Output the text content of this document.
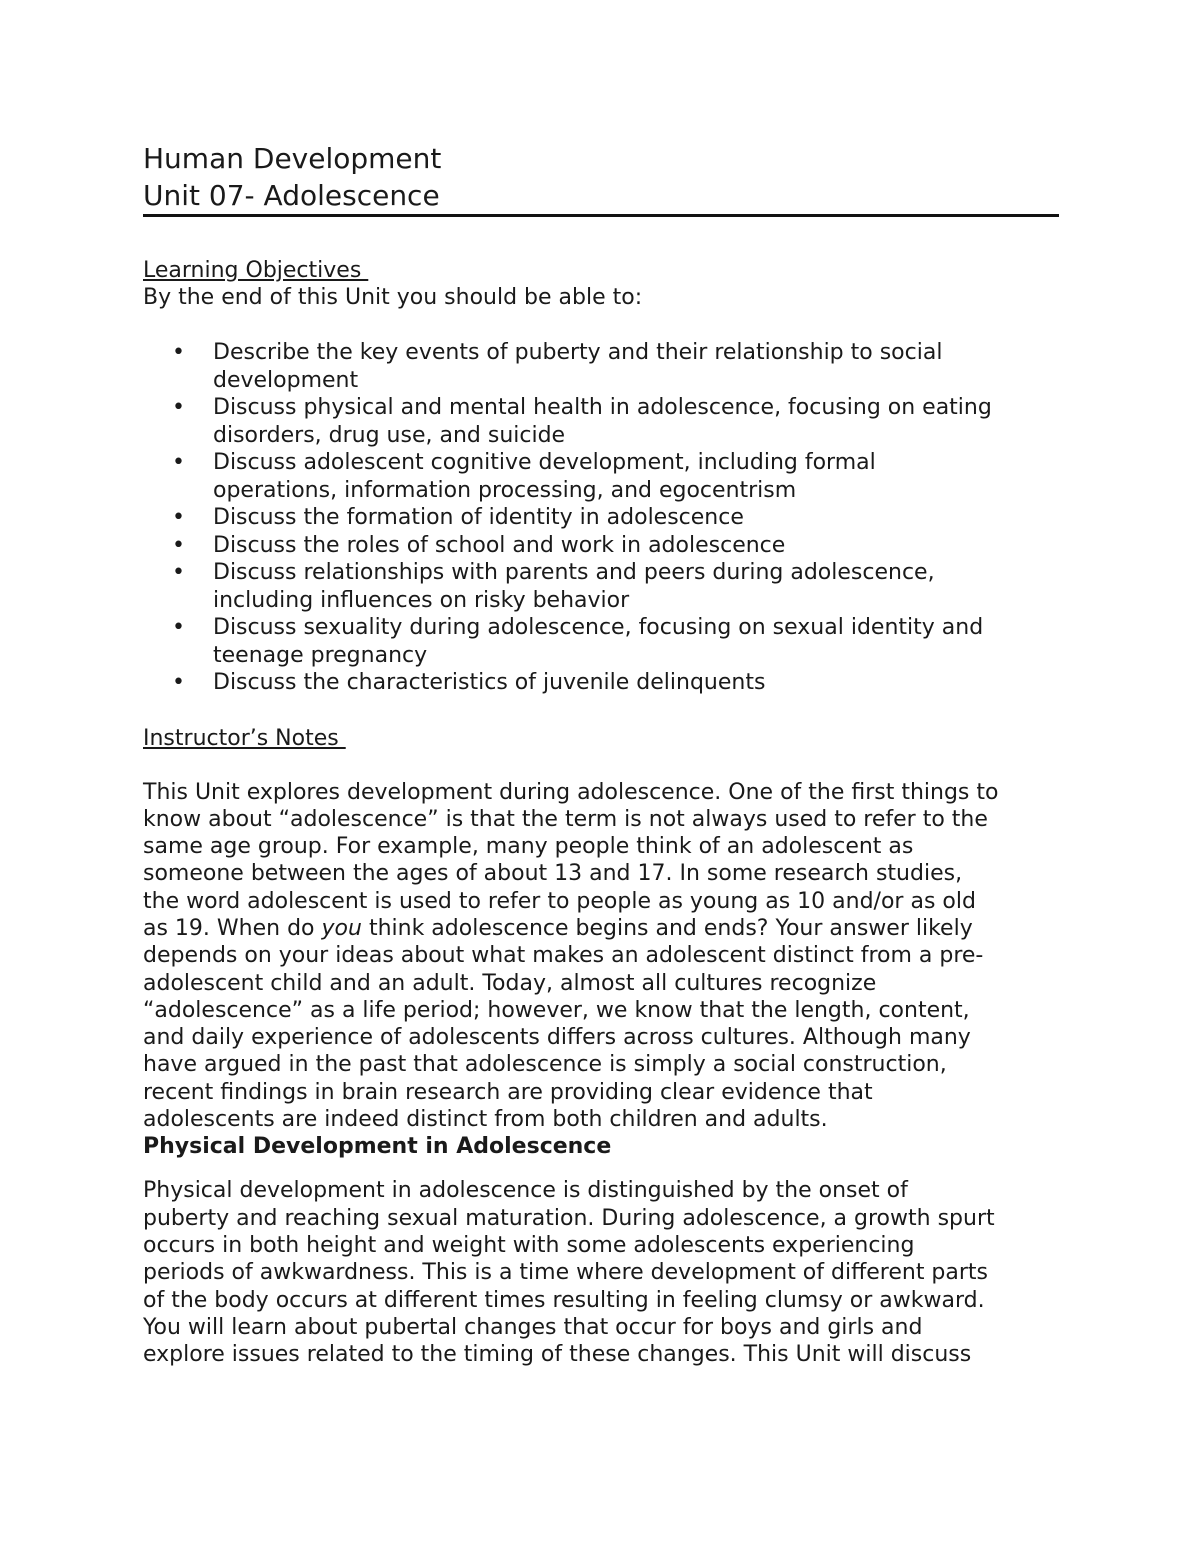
Human Development

Unit 07- Adolescence

Learning Objectives

By the end of this Unit you should be able to:

• Describe the key events of puberty and their relationship to social
development
• Discuss physical and mental health in adolescence, focusing on eating
disorders, drug use, and suicide
• Discuss adolescent cognitive development, including formal
operations, information processing, and egocentrism
• Discuss the formation of identity in adolescence
• Discuss the roles of school and work in adolescence
• Discuss relationships with parents and peers during adolescence,
including influences on risky behavior
• Discuss sexuality during adolescence, focusing on sexual identity and
teenage pregnancy
• Discuss the characteristics of juvenile delinquents

Instructor’s Notes

This Unit explores development during adolescence. One of the first things to
know about “adolescence” is that the term is not always used to refer to the
same age group. For example, many people think of an adolescent as
someone between the ages of about 13 and 17. In some research studies,
the word adolescent is used to refer to people as young as 10 and/or as old
as 19. When do you think adolescence begins and ends? Your answer likely
depends on your ideas about what makes an adolescent distinct from a pre-
adolescent child and an adult. Today, almost all cultures recognize
“adolescence” as a life period; however, we know that the length, content,
and daily experience of adolescents differs across cultures. Although many
have argued in the past that adolescence is simply a social construction,
recent findings in brain research are providing clear evidence that
adolescents are indeed distinct from both children and adults.

Physical Development in Adolescence

Physical development in adolescence is distinguished by the onset of
puberty and reaching sexual maturation. During adolescence, a growth spurt
occurs in both height and weight with some adolescents experiencing
periods of awkwardness. This is a time where development of different parts
of the body occurs at different times resulting in feeling clumsy or awkward.
You will learn about pubertal changes that occur for boys and girls and
explore issues related to the timing of these changes. This Unit will discuss
